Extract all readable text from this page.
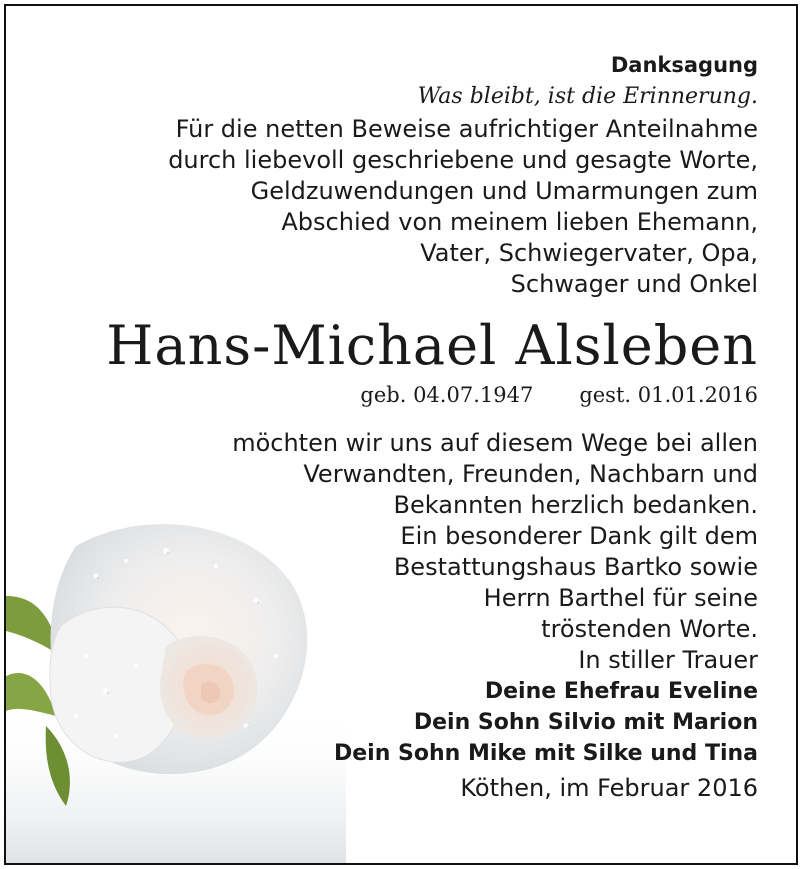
Danksagung

Was bleibt, ist die Erinnerung.

Für die netten Beweise aufrichtiger Anteilnahme

durch liebevoll geschriebene und gesagte Worte,

Geldzuwendungen und Umarmungen zum

Abschied von meinem lieben Ehemann,

Vater, Schwiegervater, Opa,

Schwager und Onkel

Hans-Michael Alsleben

geb. 04.07.1947 gest. 01.01.2016

möchten wir uns auf diesem Wege bei allen

Verwandten, Freunden, Nachbarn und

Bekannten herzlich bedanken.

Ein besonderer Dank gilt dem

Bestattungshaus Bartko sowie

Herrn Barthel für seine

tröstenden Worte.

In stiller Trauer

Deine Ehefrau Eveline

Dein Sohn Silvio mit Marion

Dein Sohn Mike mit Silke und Tina

Köthen, im Februar 2016
